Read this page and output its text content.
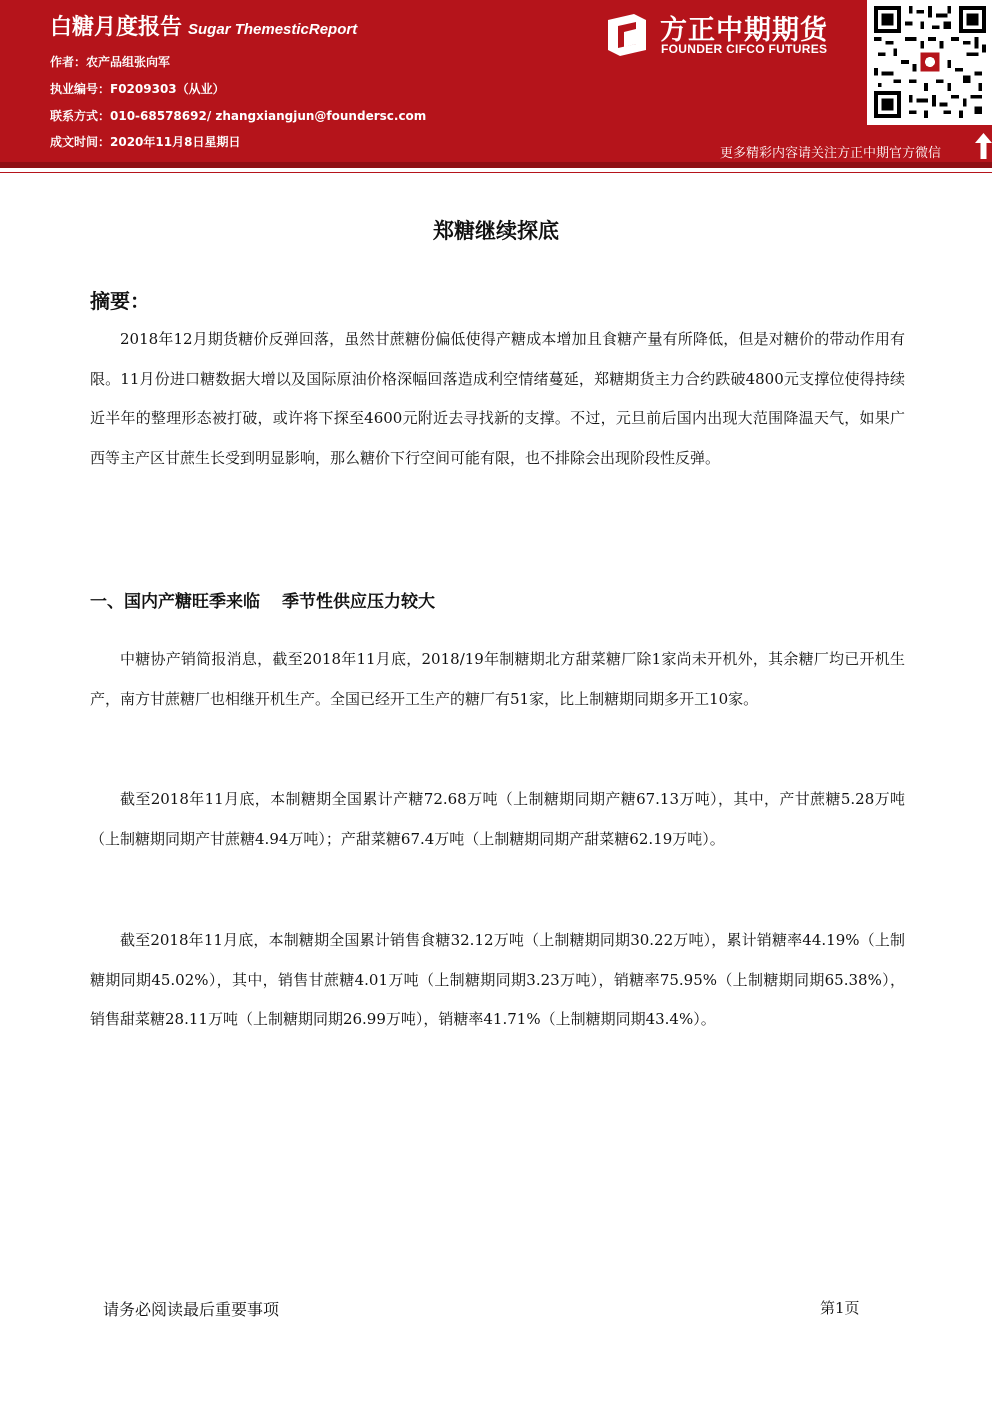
白糖月度报告 Sugar ThemesticReport
作者：农产品组张向军
执业编号：F0209303（从业）
联系方式：010-68578692/ zhangxiangjun@foundersc.com
成文时间：2020年11月8日星期日
方正中期期货
FOUNDER CIFCO FUTURES
更多精彩内容请关注方正中期官方微信
郑糖继续探底
摘要：
2018年12月期货糖价反弹回落，虽然甘蔗糖份偏低使得产糖成本增加且食糖产量有所降低，但是对糖价的带动作用有限。11月份进口糖数据大增以及国际原油价格深幅回落造成利空情绪蔓延，郑糖期货主力合约跌破4800元支撑位使得持续近半年的整理形态被打破，或许将下探至4600元附近去寻找新的支撑。不过，元旦前后国内出现大范围降温天气，如果广西等主产区甘蔗生长受到明显影响，那么糖价下行空间可能有限，也不排除会出现阶段性反弹。
一、国内产糖旺季来临 季节性供应压力较大
中糖协产销简报消息，截至2018年11月底，2018/19年制糖期北方甜菜糖厂除1家尚未开机外，其余糖厂均已开机生产，南方甘蔗糖厂也相继开机生产。全国已经开工生产的糖厂有51家，比上制糖期同期多开工10家。
截至2018年11月底，本制糖期全国累计产糖72.68万吨（上制糖期同期产糖67.13万吨），其中，产甘蔗糖5.28万吨（上制糖期同期产甘蔗糖4.94万吨）；产甜菜糖67.4万吨（上制糖期同期产甜菜糖62.19万吨）。
截至2018年11月底，本制糖期全国累计销售食糖32.12万吨（上制糖期同期30.22万吨），累计销糖率44.19%（上制糖期同期45.02%），其中，销售甘蔗糖4.01万吨（上制糖期同期3.23万吨），销糖率75.95%（上制糖期同期65.38%），销售甜菜糖28.11万吨（上制糖期同期26.99万吨），销糖率41.71%（上制糖期同期43.4%）。
请务必阅读最后重要事项	第1页
